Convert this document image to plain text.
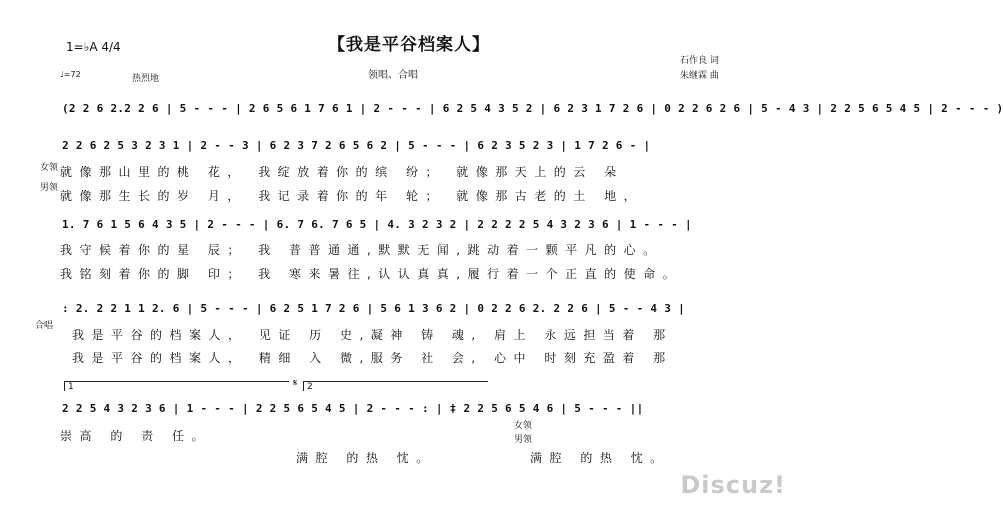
【我是平谷档案人】
领唱、合唱
1=♭A 4/4
♩=72	热烈地
石作良 词
朱继霖 曲
(2 2 6 2.2 2 6 | 5 - - - | 2 6 5 6 1 7 6 1 | 2 - - - | 6 2 5 4 3 5 2 | 6 2 3 1 7 2 6 | 0 2 2 6 2 6 | 5 - 4 3 | 2 2 5 6 5 4 5 | 2 - - - )
2 2 6 2 5 3 2 3 1 | 2 - - 3 | 6 2 3 7 2 6 5 6 2 | 5 - - - | 6 2 3 5 2 3 | 1 7 2 6 - |
女领
男领
就像那山里的桃 花， 我绽放着你的缤 纷； 就像那天上的云 朵
就像那生长的岁 月， 我记录着你的年 轮； 就像那古老的土 地，
1. 7 6 1 5 6 4 3 5 | 2 - - - | 6. 7 6. 7 6 5 | 4. 3 2 3 2 | 2 2 2 2 5 4 3 2 3 6 | 1 - - - |
我守候着你的星 辰； 我 普普通通,默默无闻,跳动着一颗平凡的心。
我铭刻着你的脚 印； 我 寒来暑往,认认真真,履行着一个正直的使命。
: 2. 2 2 1 1 2. 6 | 5 - - - | 6 2 5 1 7 2 6 | 5 6 1 3 6 2 | 0 2 2 6 2. 2 2 6 | 5 - - 4 3 |
合唱
我是平谷的档案人， 见证 历 史,凝神 铸 魂, 肩上 永远担当着 那
我是平谷的档案人， 精细 入 微,服务 社 会, 心中 时刻充盈着 那
1	𝄋 2
2 2 5 4 3 2 3 6 | 1 - - - | 2 2 5 6 5 4 5 | 2 - - - : | ‡ 2 2 5 6 5 4 6 | 5 - - - ||
崇高 的 责 任。
女领
男领
满腔 的热 忱。	满腔 的热 忱。
Discuz!
